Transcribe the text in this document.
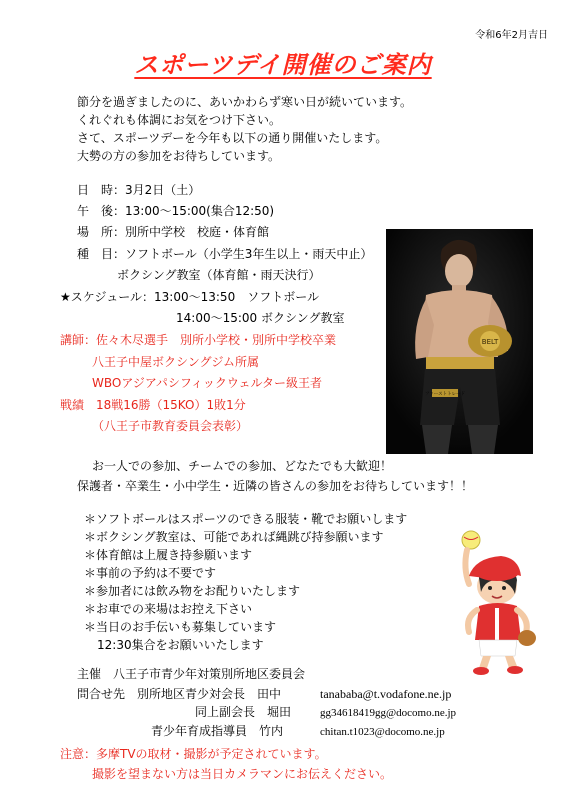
令和6年2月吉日
スポーツデイ開催のご案内
節分を過ぎましたのに、あいかわらず寒い日が続いています。
くれぐれも体調にお気をつけ下さい。
さて、スポーツデーを今年も以下の通り開催いたします。
大勢の方の参加をお待ちしています。
日　時：3月2日（土）
午　後：13:00～15:00(集合12:50)
場　所：別所中学校　校庭・体育館
種　目：ソフトボール（小学生3年生以上・雨天中止）
ボクシング教室（体育館・雨天決行）
★スケジュール：13:00～13:50　ソフトボール
14:00～15:00 ボクシング教室
講師：佐々木尽選手　別所小学校・別所中学校卒業
八王子中屋ボクシングジム所属
WBOアジアパシフィックウェルター級王者
戦績　18戦16勝（15KO）1敗1分
（八王子市教育委員会表彰）
BELT
ファーストトレード
お一人での参加、チームでの参加、どなたでも大歓迎！
保護者・卒業生・小中学生・近隣の皆さんの参加をお待ちしています！！
＊ソフトボールはスポーツのできる服装・靴でお願いします
＊ボクシング教室は、可能であれば縄跳び持参願います
＊体育館は上履き持参願います
＊事前の予約は不要です
＊参加者には飲み物をお配りいたします
＊お車での来場はお控え下さい
＊当日のお手伝いも募集しています
12:30集合をお願いいたします
主催　八王子市青少年対策別所地区委員会
問合せ先　別所地区青少対会長　田中	tanababa@t.vodafone.ne.jp
同上副会長　堀田	gg34618419gg@docomo.ne.jp
青少年育成指導員　竹内	chitan.t1023@docomo.ne.jp
注意：多摩TVの取材・撮影が予定されています。
撮影を望まない方は当日カメラマンにお伝えください。
